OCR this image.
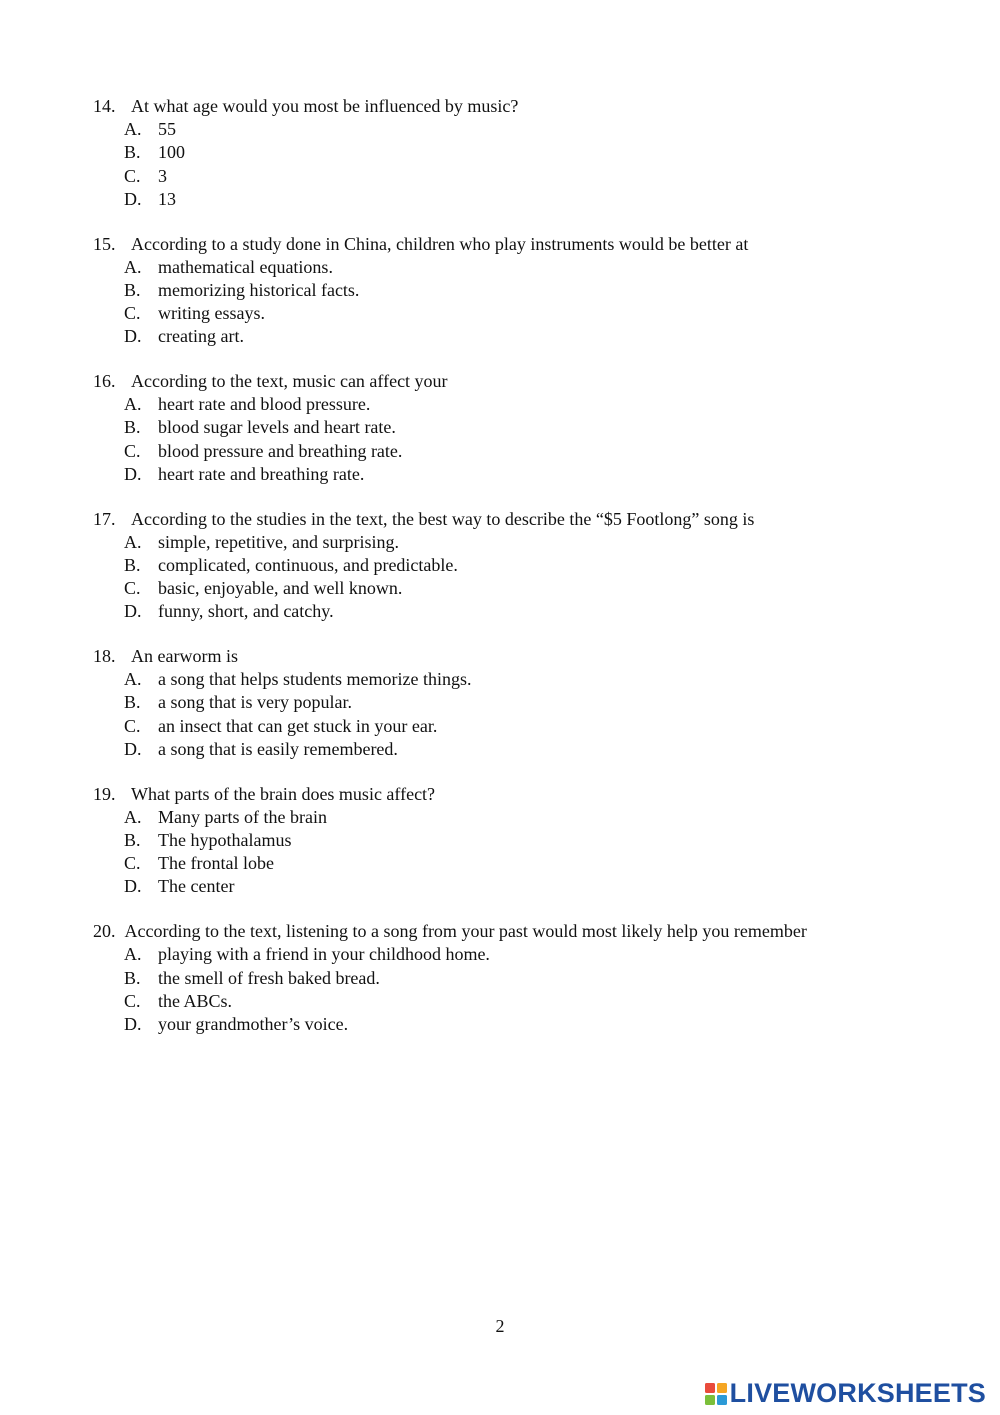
14. At what age would you most be influenced by music?
A. 55
B. 100
C. 3
D. 13
15. According to a study done in China, children who play instruments would be better at
A. mathematical equations.
B. memorizing historical facts.
C. writing essays.
D. creating art.
16. According to the text, music can affect your
A. heart rate and blood pressure.
B. blood sugar levels and heart rate.
C. blood pressure and breathing rate.
D. heart rate and breathing rate.
17. According to the studies in the text, the best way to describe the “$5 Footlong” song is
A. simple, repetitive, and surprising.
B. complicated, continuous, and predictable.
C. basic, enjoyable, and well known.
D. funny, short, and catchy.
18. An earworm is
A. a song that helps students memorize things.
B. a song that is very popular.
C. an insect that can get stuck in your ear.
D. a song that is easily remembered.
19. What parts of the brain does music affect?
A. Many parts of the brain
B. The hypothalamus
C. The frontal lobe
D. The center
20. According to the text, listening to a song from your past would most likely help you remember
A. playing with a friend in your childhood home.
B. the smell of fresh baked bread.
C. the ABCs.
D. your grandmother’s voice.
2
LIVEWORKSHEETS
